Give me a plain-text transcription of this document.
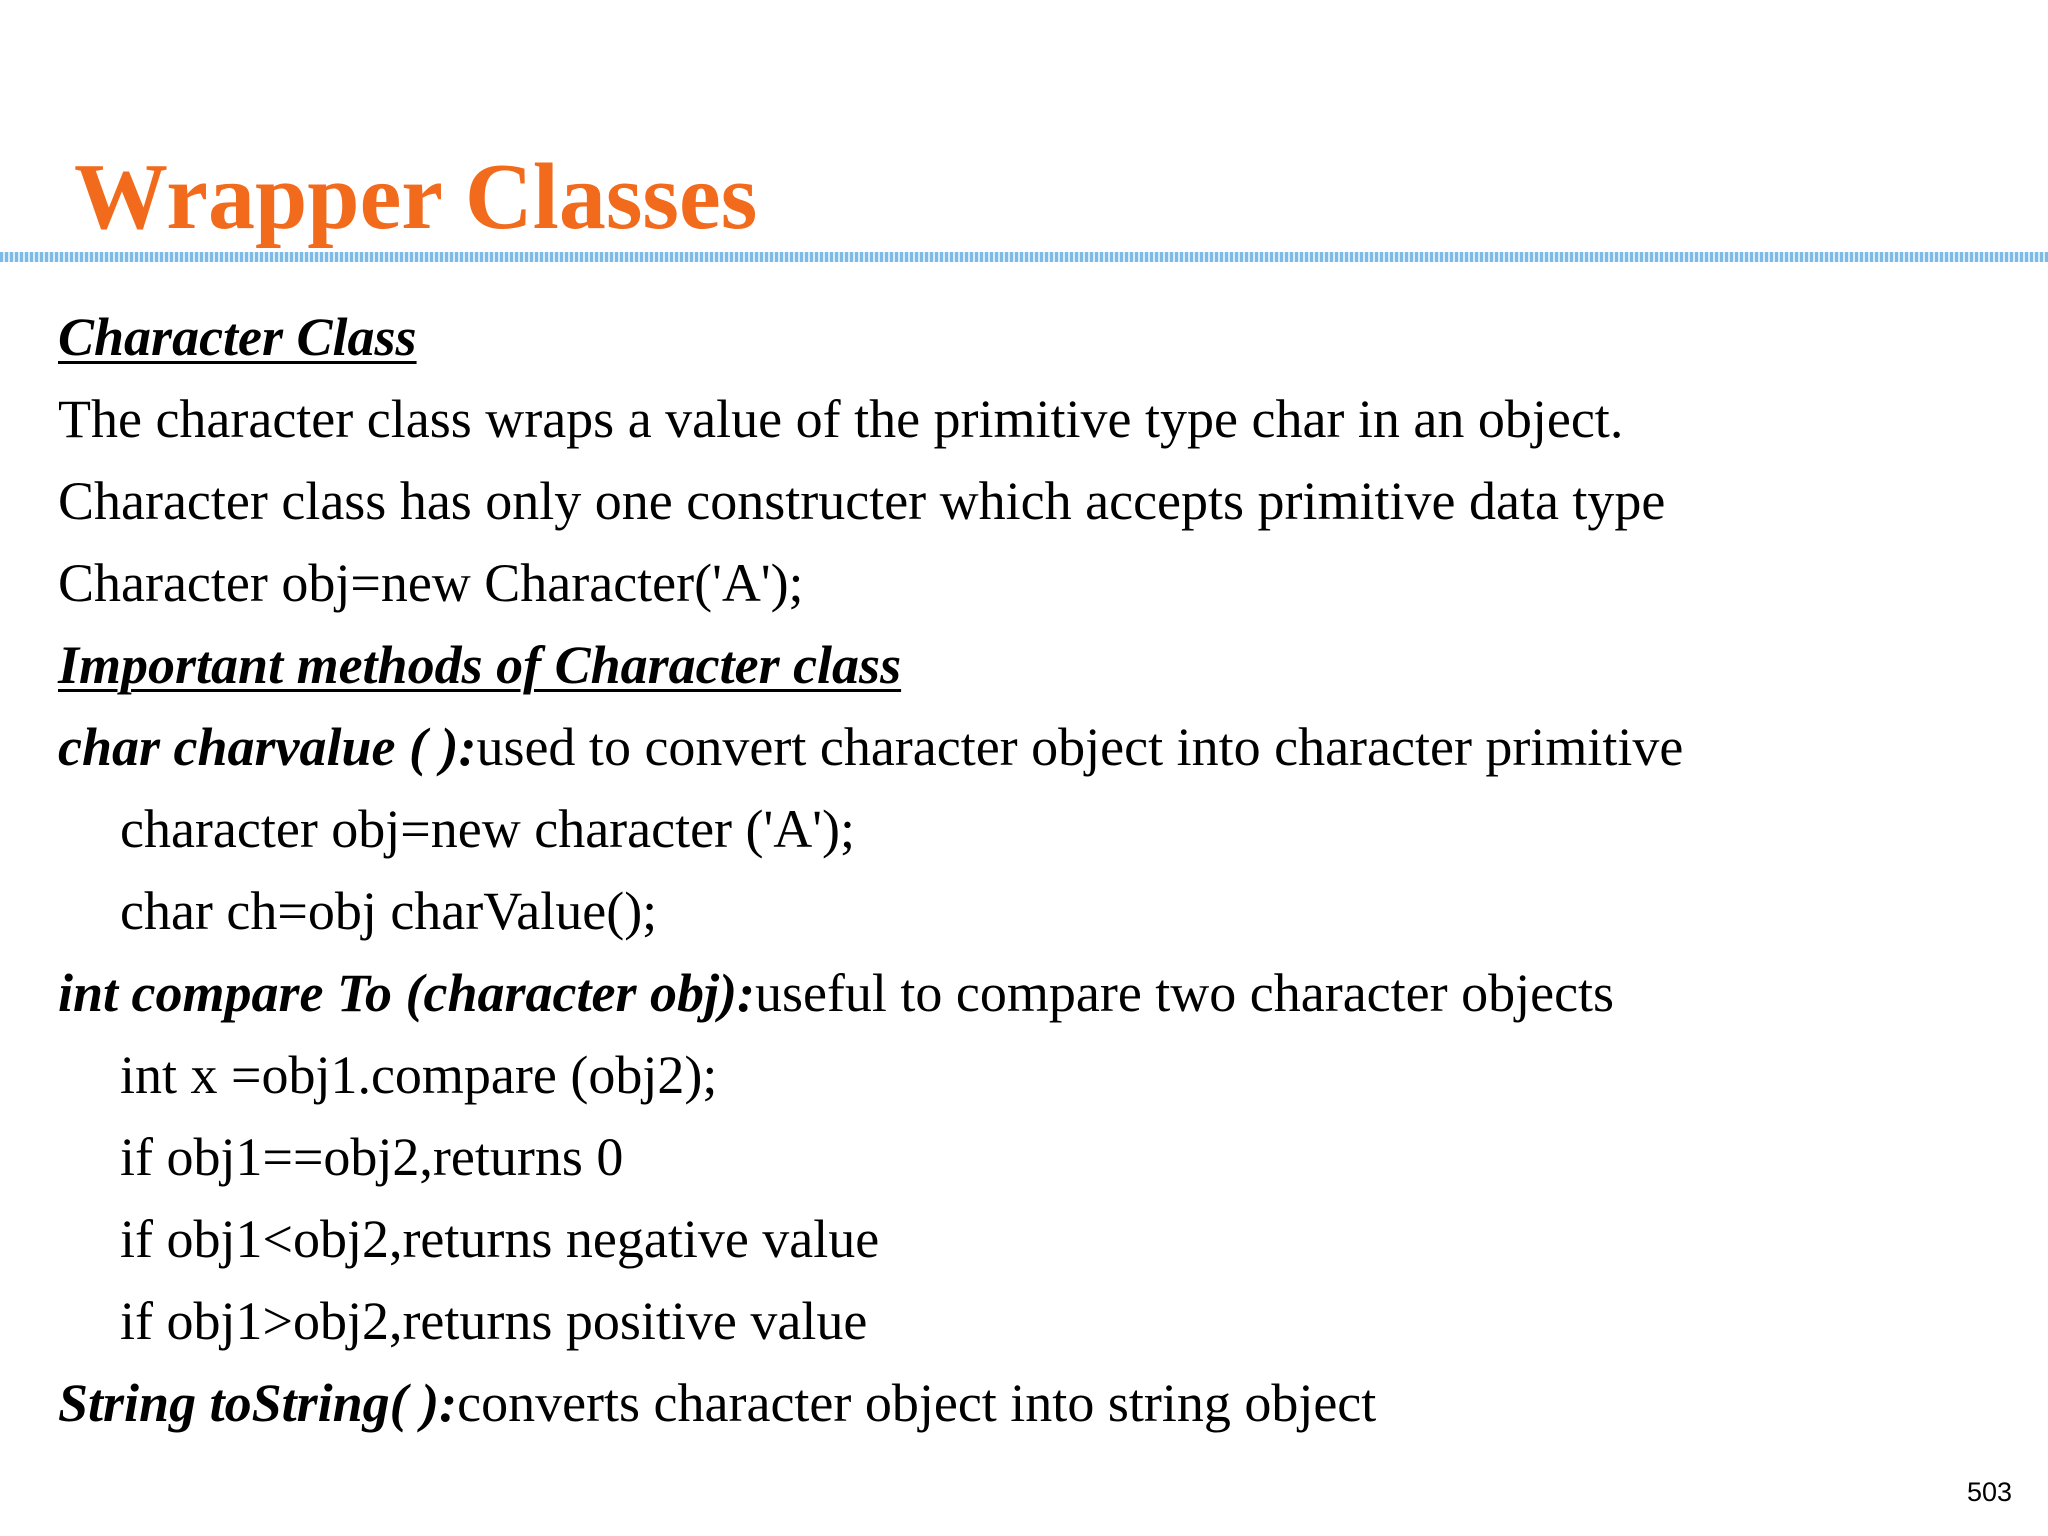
Wrapper Classes
Character Class
The character class wraps a value of the primitive type char in an object.
Character class has only one constructer which accepts primitive data type
Character obj=new Character('A');
Important methods of Character class
char charvalue ( ):used to convert character object into character primitive
character obj=new character ('A');
char ch=obj charValue();
int compare To (character obj):useful to compare two character objects
int x =obj1.compare (obj2);
if obj1==obj2,returns 0
if obj1<obj2,returns negative value
if obj1>obj2,returns positive value
String toString( ):converts character object into string object
503
